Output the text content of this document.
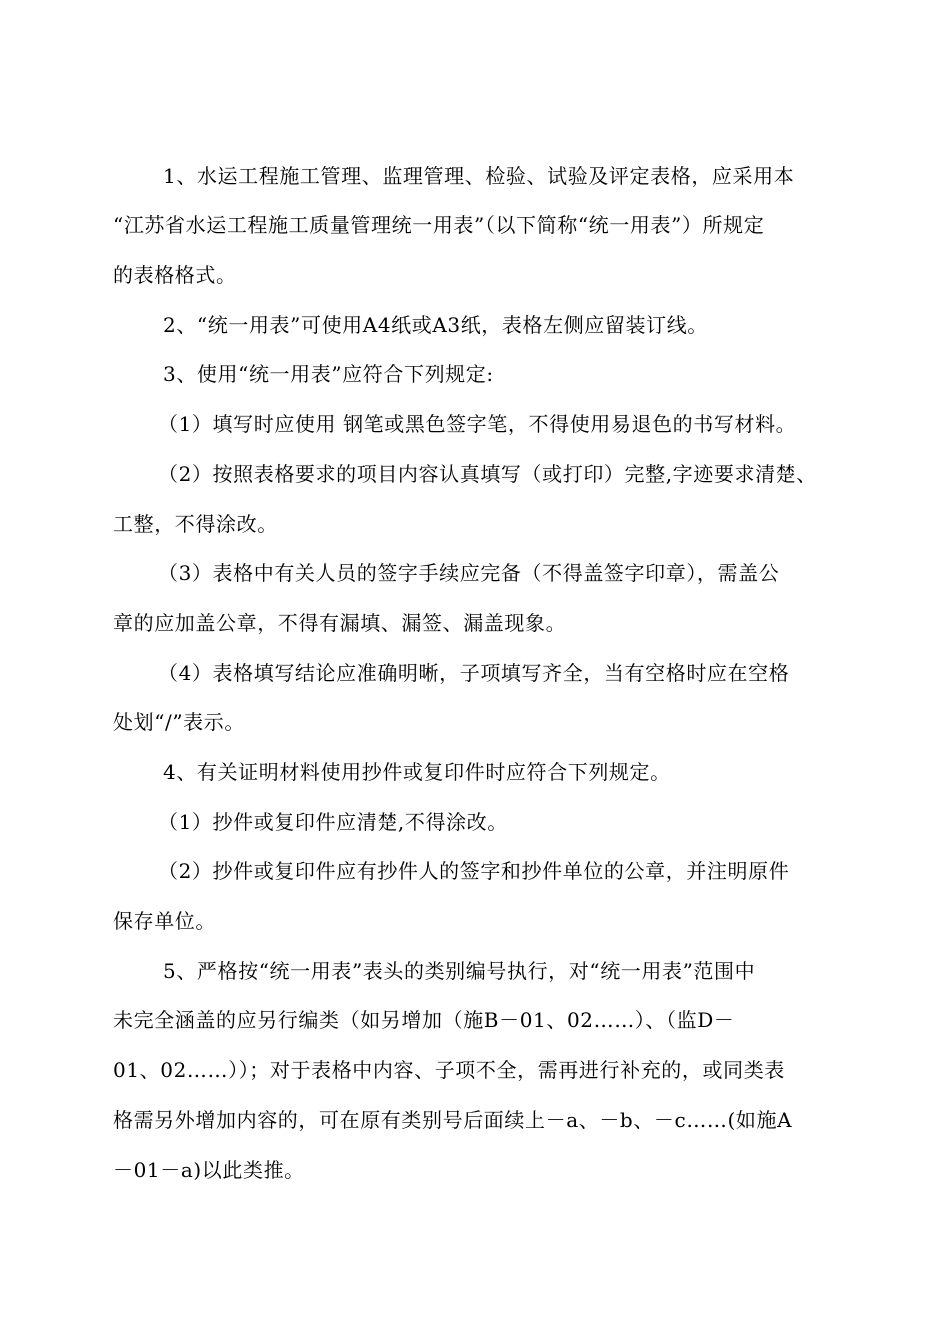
1、水运工程施工管理、监理管理、检验、试验及评定表格，应采用本
“江苏省水运工程施工质量管理统一用表”（以下简称“统一用表”）所规定
的表格格式。
2、“统一用表”可使用A4纸或A3纸，表格左侧应留装订线。
3、使用“统一用表”应符合下列规定:
（1）填写时应使用 钢笔或黑色签字笔，不得使用易退色的书写材料。
（2）按照表格要求的项目内容认真填写（或打印）完整,字迹要求清楚、
工整，不得涂改。
（3）表格中有关人员的签字手续应完备（不得盖签字印章），需盖公
章的应加盖公章，不得有漏填、漏签、漏盖现象。
（4）表格填写结论应准确明晰，子项填写齐全，当有空格时应在空格
处划“/”表示。
4、有关证明材料使用抄件或复印件时应符合下列规定。
（1）抄件或复印件应清楚,不得涂改。
（2）抄件或复印件应有抄件人的签字和抄件单位的公章，并注明原件
保存单位。
5、严格按“统一用表”表头的类别编号执行，对“统一用表”范围中
未完全涵盖的应另行编类（如另增加（施B－01、02……）、（监D－
01、02……））；对于表格中内容、子项不全，需再进行补充的，或同类表
格需另外增加内容的，可在原有类别号后面续上－a、－b、－c……(如施A
－01－a)以此类推。
